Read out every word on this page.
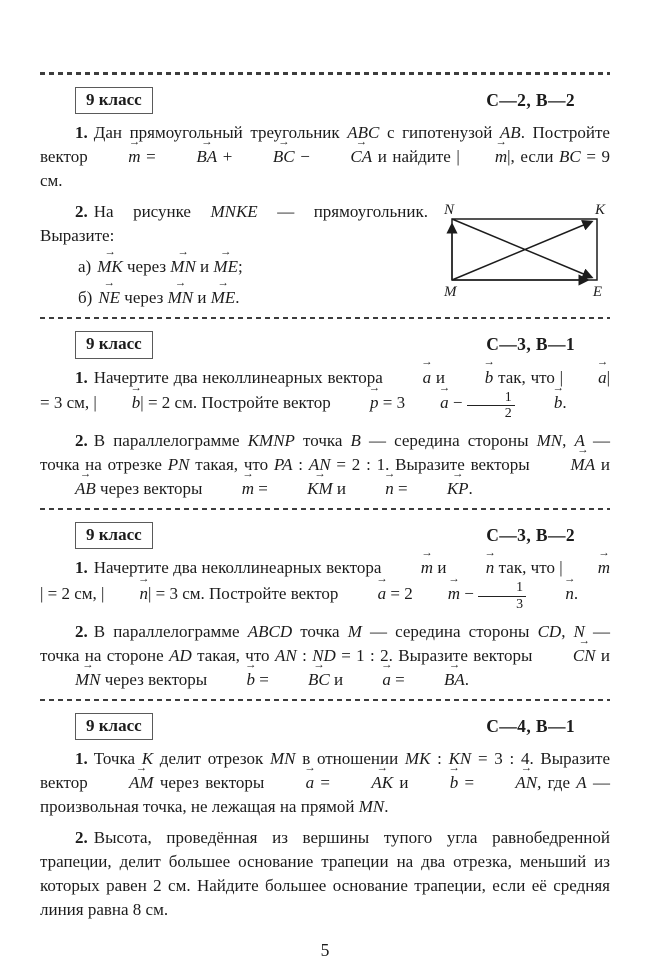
9 класс	С—2, В—2

1. Дан прямоугольный треугольник ABC с гипотенузой AB. Постройте вектор m → = BA → + BC → − CA → и найдите | m →|, если BC = 9 см.

N	K
M	E

2. На рисунке MNKE — прямоугольник. Выразите:

а) MK → через MN → и ME →;

б) NE → через MN → и ME →.

9 класс	С—3, В—1

1. Начертите два неколлинеарных вектора a → и b → так, что | a →| = 3 см, | b →| = 2 см. Постройте вектор p → = 3 a → − $\frac{1}{2}$ b →.

2. В параллелограмме KMNP точка B — середина стороны MN, A — точка на отрезке PN такая, что PA : AN = 2 : 1. Выразите векторы MA → и AB → через векторы m → = KM → и n → = KP →.

9 класс	С—3, В—2

1. Начертите два неколлинеарных вектора m → и n → так, что | m →| = 2 см, | n →| = 3 см. Постройте вектор a → = 2 m → − $\frac{1}{3}$ n →.

2. В параллелограмме ABCD точка M — середина стороны CD, N — точка на стороне AD такая, что AN : ND = 1 : 2. Выразите векторы CN → и MN → через векторы b → = BC → и a → = BA →.

9 класс	С—4, В—1

1. Точка K делит отрезок MN в отношении MK : KN = 3 : 4. Выразите вектор AM → через векторы a → = AK → и b → = AN →, где A — произвольная точка, не лежащая на прямой MN.

2. Высота, проведённая из вершины тупого угла равнобедренной трапеции, делит большее основание трапеции на два отрезка, меньший из которых равен 2 см. Найдите большее основание трапеции, если её средняя линия равна 8 см.

5
